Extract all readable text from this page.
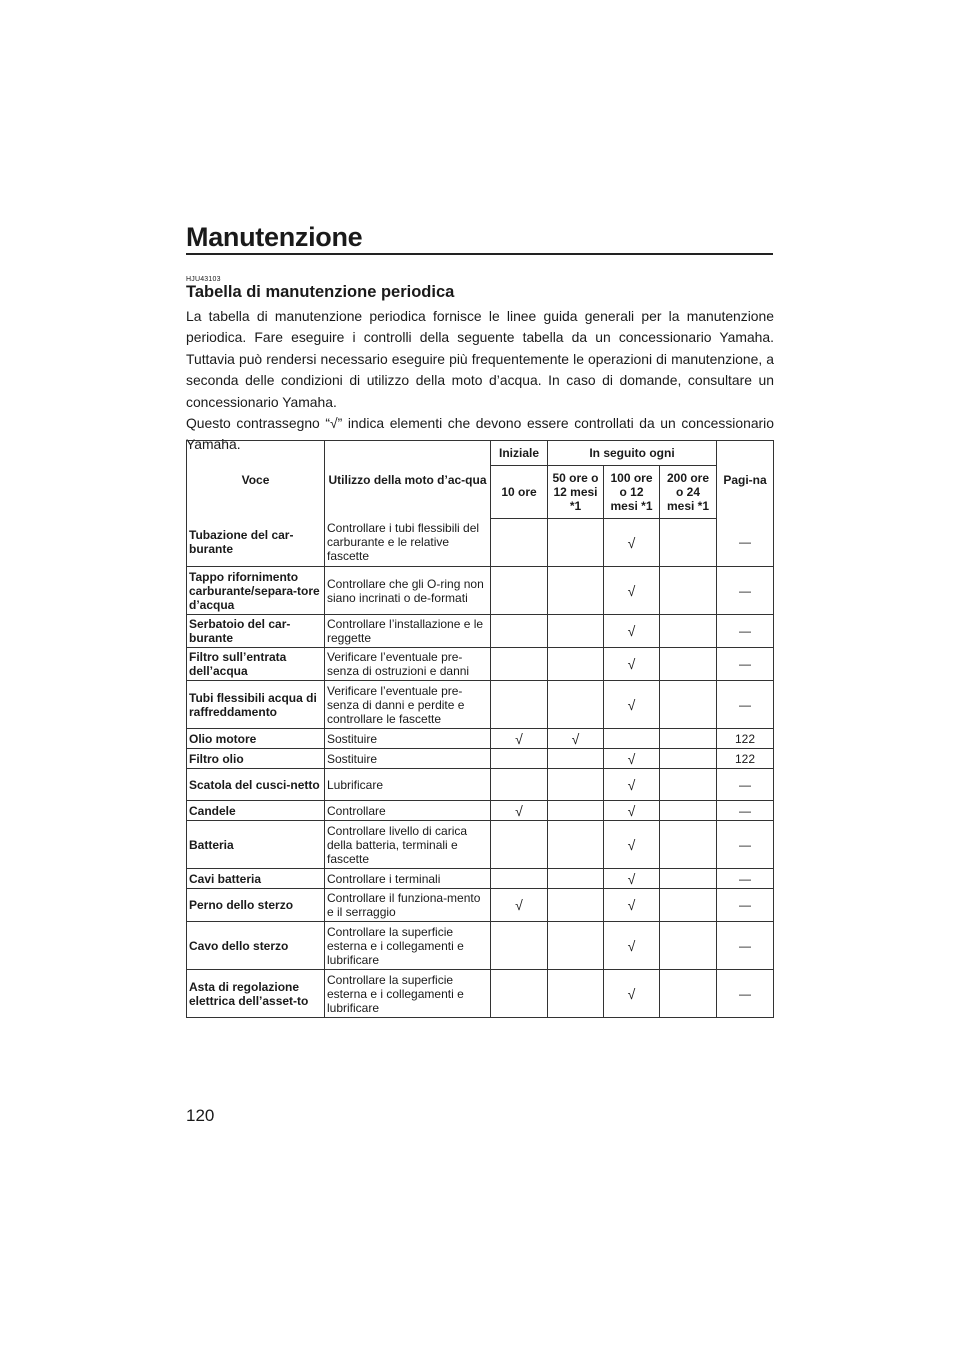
Manutenzione
HJU43103
Tabella di manutenzione periodica

La tabella di manutenzione periodica fornisce le linee guida generali per la manutenzione periodica. Fare eseguire i controlli della seguente tabella da un concessionario Yamaha. Tuttavia può rendersi necessario eseguire più frequentemente le operazioni di manutenzione, a seconda delle condizioni di utilizzo della moto d’acqua. In caso di domande, consultare un concessionario Yamaha.

Questo contrassegno “√” indica elementi che devono essere controllati da un concessionario Yamaha.

Voce	Utilizzo della moto d’ac-qua	Iniziale	In seguito ogni			Pagi-na
		10 ore	50 ore o 12 mesi *1	100 ore o 12 mesi *1	200 ore o 24 mesi *1	
Tubazione del car-burante	Controllare i tubi flessibili del carburante e le relative fascette			√		—
Tappo rifornimento carburante/separa-tore d’acqua	Controllare che gli O-ring non siano incrinati o de-formati			√		—
Serbatoio del car-burante	Controllare l’installazione e le reggette			√		—
Filtro sull’entrata dell’acqua	Verificare l’eventuale pre-senza di ostruzioni e danni			√		—
Tubi flessibili acqua di raffreddamento	Verificare l’eventuale pre-senza di danni e perdite e controllare le fascette			√		—
Olio motore	Sostituire	√	√			122
Filtro olio	Sostituire			√		122
Scatola del cusci-netto	Lubrificare			√		—
Candele	Controllare	√		√		—
Batteria	Controllare livello di carica della batteria, terminali e fascette			√		—
Cavi batteria	Controllare i terminali			√		—
Perno dello sterzo	Controllare il funziona-mento e il serraggio	√		√		—
Cavo dello sterzo	Controllare la superficie esterna e i collegamenti e lubrificare			√		—
Asta di regolazione elettrica dell’asset-to	Controllare la superficie esterna e i collegamenti e lubrificare			√		—
120
